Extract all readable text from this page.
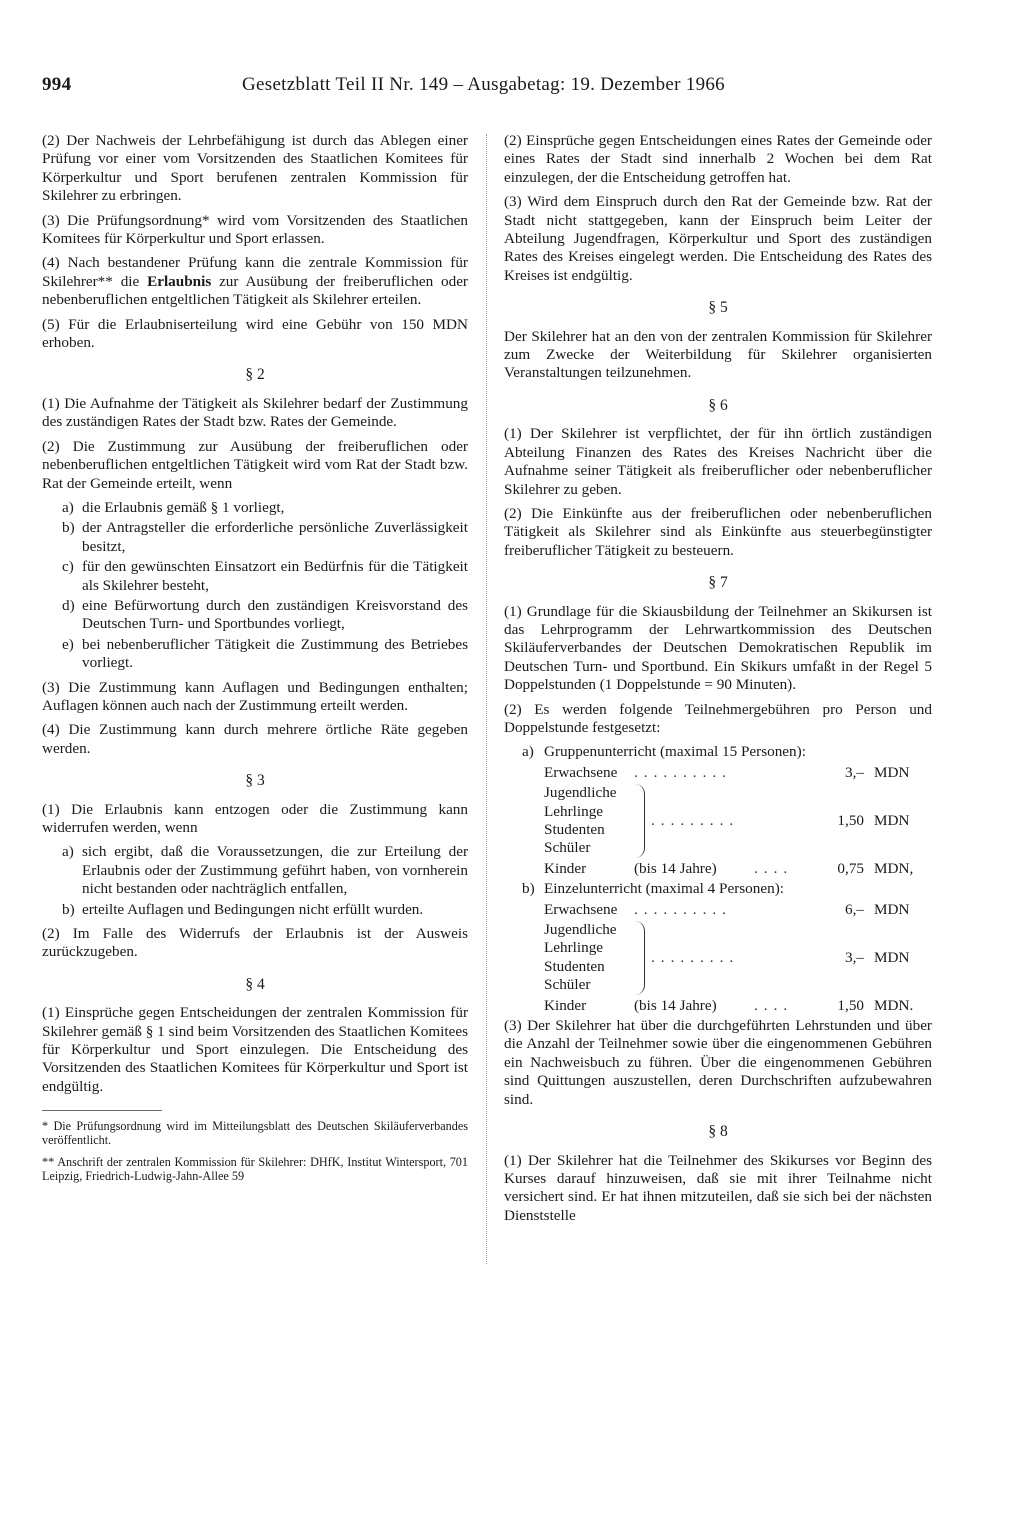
994	Gesetzblatt Teil II Nr. 149 – Ausgabetag: 19. Dezember 1966

(2) Der Nachweis der Lehrbefähigung ist durch das Ablegen einer Prüfung vor einer vom Vorsitzenden des Staatlichen Komitees für Körperkultur und Sport berufenen zentralen Kommission für Skilehrer zu erbringen.

(3) Die Prüfungsordnung* wird vom Vorsitzenden des Staatlichen Komitees für Körperkultur und Sport erlassen.

(4) Nach bestandener Prüfung kann die zentrale Kommission für Skilehrer** die Erlaubnis zur Ausübung der freiberuflichen oder nebenberuflichen entgeltlichen Tätigkeit als Skilehrer erteilen.

(5) Für die Erlaubniserteilung wird eine Gebühr von 150 MDN erhoben.

§ 2

(1) Die Aufnahme der Tätigkeit als Skilehrer bedarf der Zustimmung des zuständigen Rates der Stadt bzw. Rates der Gemeinde.

(2) Die Zustimmung zur Ausübung der freiberuflichen oder nebenberuflichen entgeltlichen Tätigkeit wird vom Rat der Stadt bzw. Rat der Gemeinde erteilt, wenn

a) die Erlaubnis gemäß § 1 vorliegt,
b) der Antragsteller die erforderliche persönliche Zuverlässigkeit besitzt,
c) für den gewünschten Einsatzort ein Bedürfnis für die Tätigkeit als Skilehrer besteht,
d) eine Befürwortung durch den zuständigen Kreisvorstand des Deutschen Turn- und Sportbundes vorliegt,
e) bei nebenberuflicher Tätigkeit die Zustimmung des Betriebes vorliegt.

(3) Die Zustimmung kann Auflagen und Bedingungen enthalten; Auflagen können auch nach der Zustimmung erteilt werden.

(4) Die Zustimmung kann durch mehrere örtliche Räte gegeben werden.

§ 3

(1) Die Erlaubnis kann entzogen oder die Zustimmung kann widerrufen werden, wenn

a) sich ergibt, daß die Voraussetzungen, die zur Erteilung der Erlaubnis oder der Zustimmung geführt haben, von vornherein nicht bestanden oder nachträglich entfallen,
b) erteilte Auflagen und Bedingungen nicht erfüllt wurden.

(2) Im Falle des Widerrufs der Erlaubnis ist der Ausweis zurückzugeben.

§ 4

(1) Einsprüche gegen Entscheidungen der zentralen Kommission für Skilehrer gemäß § 1 sind beim Vorsitzenden des Staatlichen Komitees für Körperkultur und Sport einzulegen. Die Entscheidung des Vorsitzenden des Staatlichen Komitees für Körperkultur und Sport ist endgültig.

* Die Prüfungsordnung wird im Mitteilungsblatt des Deutschen Skiläuferverbandes veröffentlicht.

** Anschrift der zentralen Kommission für Skilehrer: DHfK, Institut Wintersport, 701 Leipzig, Friedrich-Ludwig-Jahn-Allee 59

(2) Einsprüche gegen Entscheidungen eines Rates der Gemeinde oder eines Rates der Stadt sind innerhalb 2 Wochen bei dem Rat einzulegen, der die Entscheidung getroffen hat.

(3) Wird dem Einspruch durch den Rat der Gemeinde bzw. Rat der Stadt nicht stattgegeben, kann der Einspruch beim Leiter der Abteilung Jugendfragen, Körperkultur und Sport des zuständigen Rates des Kreises eingelegt werden. Die Entscheidung des Rates des Kreises ist endgültig.

§ 5

Der Skilehrer hat an den von der zentralen Kommission für Skilehrer zum Zwecke der Weiterbildung für Skilehrer organisierten Veranstaltungen teilzunehmen.

§ 6

(1) Der Skilehrer ist verpflichtet, der für ihn örtlich zuständigen Abteilung Finanzen des Rates des Kreises Nachricht über die Aufnahme seiner Tätigkeit als freiberuflicher oder nebenberuflicher Skilehrer zu geben.

(2) Die Einkünfte aus der freiberuflichen oder nebenberuflichen Tätigkeit als Skilehrer sind als Einkünfte aus steuerbegünstigter freiberuflicher Tätigkeit zu besteuern.

§ 7

(1) Grundlage für die Skiausbildung der Teilnehmer an Skikursen ist das Lehrprogramm der Lehrwartkommission des Deutschen Skiläuferverbandes der Deutschen Demokratischen Republik im Deutschen Turn- und Sportbund. Ein Skikurs umfaßt in der Regel 5 Doppelstunden (1 Doppelstunde = 90 Minuten).

(2) Es werden folgende Teilnehmergebühren pro Person und Doppelstunde festgesetzt:

a) Gruppenunterricht (maximal 15 Personen):
Erwachsene	..........	3,– MDN
Jugendliche
Lehrlinge
Studenten
Schüler
.........	1,50 MDN
Kinder	(bis 14 Jahre)	....	0,75 MDN,
b) Einzelunterricht (maximal 4 Personen):
Erwachsene	..........	6,– MDN
Jugendliche
Lehrlinge
Studenten
Schüler
.........	3,– MDN
Kinder	(bis 14 Jahre)	....	1,50 MDN.

(3) Der Skilehrer hat über die durchgeführten Lehrstunden und über die Anzahl der Teilnehmer sowie über die eingenommenen Gebühren ein Nachweisbuch zu führen. Über die eingenommenen Gebühren sind Quittungen auszustellen, deren Durchschriften aufzubewahren sind.

§ 8

(1) Der Skilehrer hat die Teilnehmer des Skikurses vor Beginn des Kurses darauf hinzuweisen, daß sie mit ihrer Teilnahme nicht versichert sind. Er hat ihnen mitzuteilen, daß sie sich bei der nächsten Dienststelle
